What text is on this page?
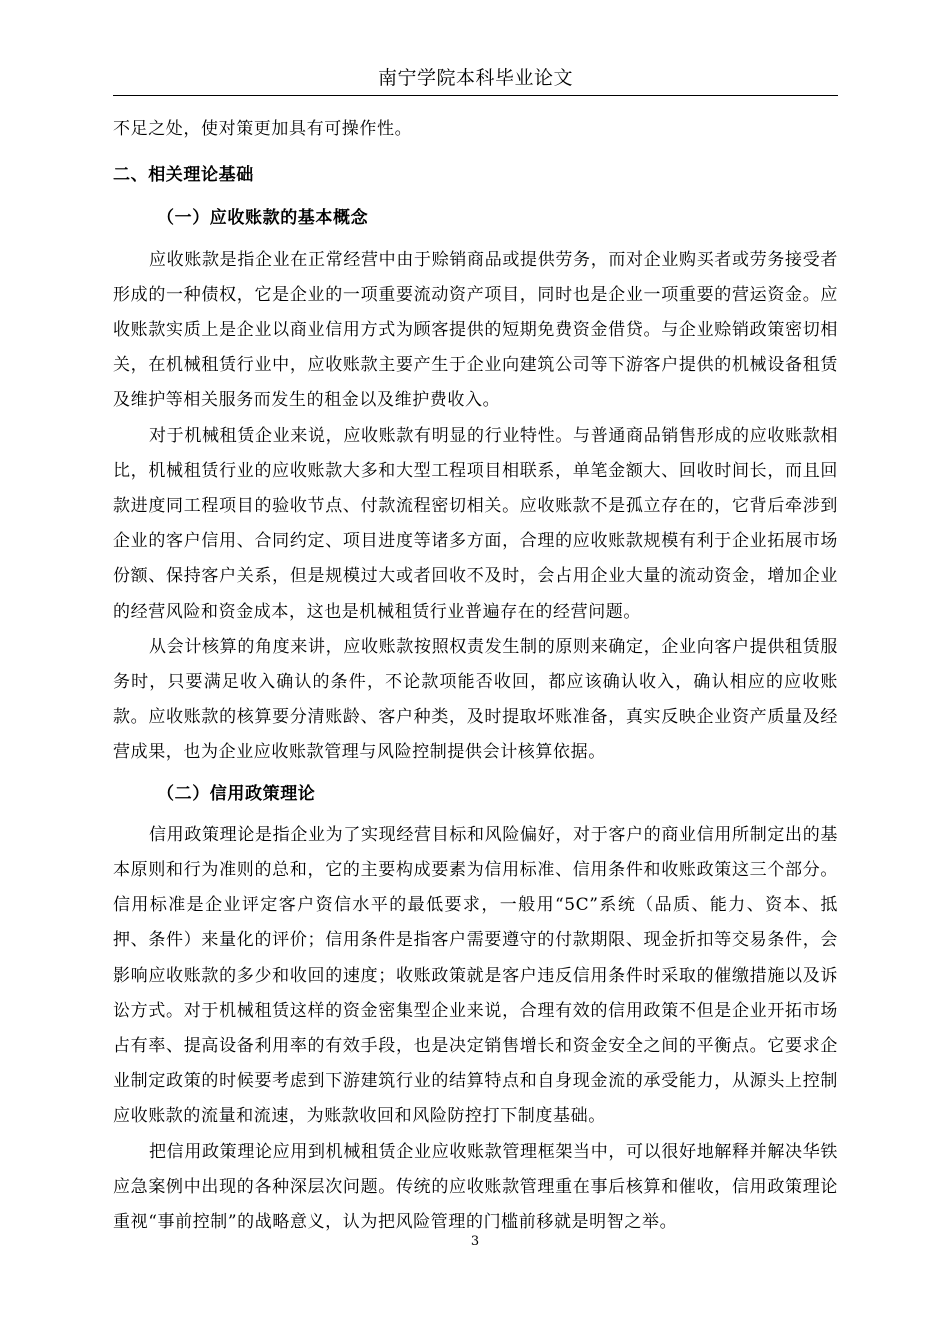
南宁学院本科毕业论文

不足之处，使对策更加具有可操作性。

二、相关理论基础
（一）应收账款的基本概念

应收账款是指企业在正常经营中由于赊销商品或提供劳务，而对企业购买者或劳务接受者形成的一种债权，它是企业的一项重要流动资产项目，同时也是企业一项重要的营运资金。应收账款实质上是企业以商业信用方式为顾客提供的短期免费资金借贷。与企业赊销政策密切相关，在机械租赁行业中，应收账款主要产生于企业向建筑公司等下游客户提供的机械设备租赁及维护等相关服务而发生的租金以及维护费收入。

对于机械租赁企业来说，应收账款有明显的行业特性。与普通商品销售形成的应收账款相比，机械租赁行业的应收账款大多和大型工程项目相联系，单笔金额大、回收时间长，而且回款进度同工程项目的验收节点、付款流程密切相关。应收账款不是孤立存在的，它背后牵涉到企业的客户信用、合同约定、项目进度等诸多方面，合理的应收账款规模有利于企业拓展市场份额、保持客户关系，但是规模过大或者回收不及时，会占用企业大量的流动资金，增加企业的经营风险和资金成本，这也是机械租赁行业普遍存在的经营问题。

从会计核算的角度来讲，应收账款按照权责发生制的原则来确定，企业向客户提供租赁服务时，只要满足收入确认的条件，不论款项能否收回，都应该确认收入，确认相应的应收账款。应收账款的核算要分清账龄、客户种类，及时提取坏账准备，真实反映企业资产质量及经营成果，也为企业应收账款管理与风险控制提供会计核算依据。

（二）信用政策理论

信用政策理论是指企业为了实现经营目标和风险偏好，对于客户的商业信用所制定出的基本原则和行为准则的总和，它的主要构成要素为信用标准、信用条件和收账政策这三个部分。信用标准是企业评定客户资信水平的最低要求，一般用“5C”系统（品质、能力、资本、抵押、条件）来量化的评价；信用条件是指客户需要遵守的付款期限、现金折扣等交易条件，会影响应收账款的多少和收回的速度；收账政策就是客户违反信用条件时采取的催缴措施以及诉讼方式。对于机械租赁这样的资金密集型企业来说，合理有效的信用政策不但是企业开拓市场占有率、提高设备利用率的有效手段，也是决定销售增长和资金安全之间的平衡点。它要求企业制定政策的时候要考虑到下游建筑行业的结算特点和自身现金流的承受能力，从源头上控制应收账款的流量和流速，为账款收回和风险防控打下制度基础。

把信用政策理论应用到机械租赁企业应收账款管理框架当中，可以很好地解释并解决华铁应急案例中出现的各种深层次问题。传统的应收账款管理重在事后核算和催收，信用政策理论重视“事前控制”的战略意义，认为把风险管理的门槛前移就是明智之举。

3
